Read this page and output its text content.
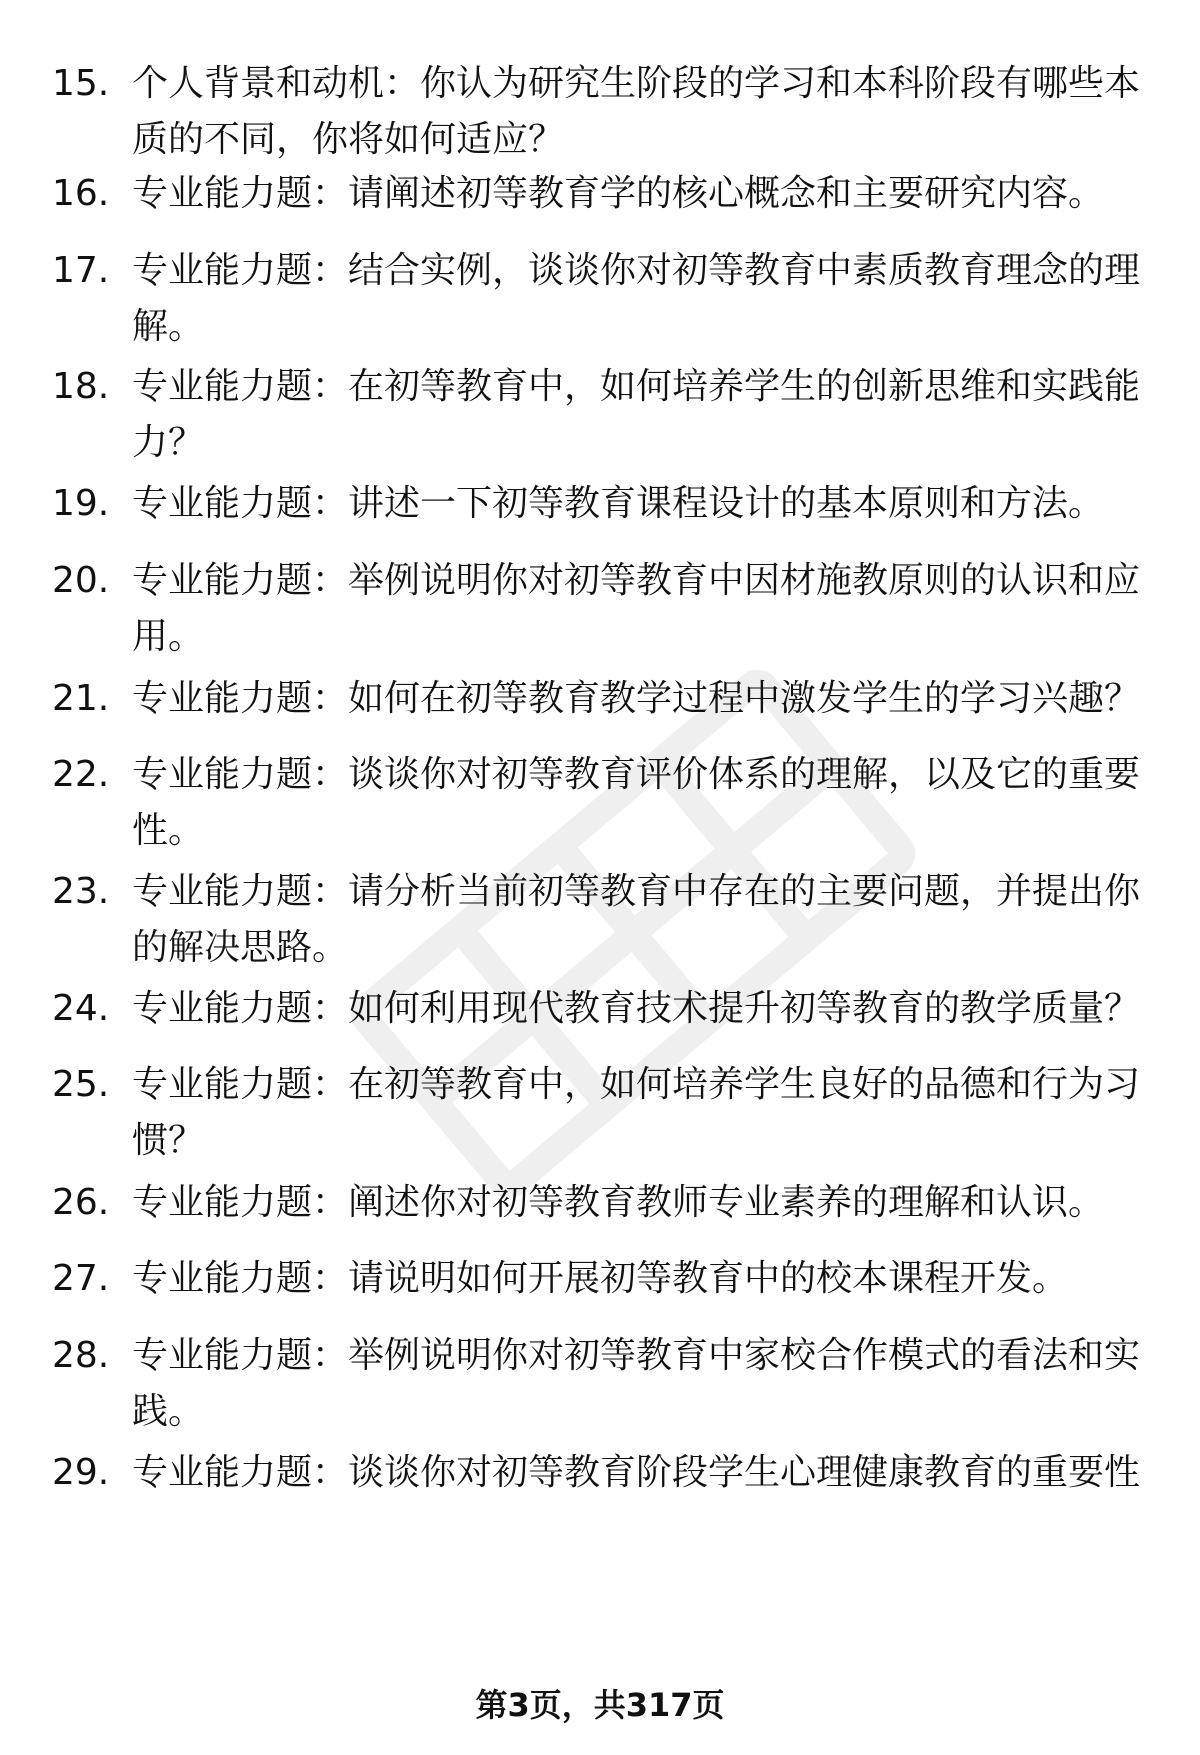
15. 个人背景和动机：你认为研究生阶段的学习和本科阶段有哪些本质的不同，你将如何适应？
16. 专业能力题：请阐述初等教育学的核心概念和主要研究内容。
17. 专业能力题：结合实例，谈谈你对初等教育中素质教育理念的理解。
18. 专业能力题：在初等教育中，如何培养学生的创新思维和实践能力？
19. 专业能力题：讲述一下初等教育课程设计的基本原则和方法。
20. 专业能力题：举例说明你对初等教育中因材施教原则的认识和应用。
21. 专业能力题：如何在初等教育教学过程中激发学生的学习兴趣？
22. 专业能力题：谈谈你对初等教育评价体系的理解，以及它的重要性。
23. 专业能力题：请分析当前初等教育中存在的主要问题，并提出你的解决思路。
24. 专业能力题：如何利用现代教育技术提升初等教育的教学质量？
25. 专业能力题：在初等教育中，如何培养学生良好的品德和行为习惯？
26. 专业能力题：阐述你对初等教育教师专业素养的理解和认识。
27. 专业能力题：请说明如何开展初等教育中的校本课程开发。
28. 专业能力题：举例说明你对初等教育中家校合作模式的看法和实践。
29. 专业能力题：谈谈你对初等教育阶段学生心理健康教育的重要性
第3页，共317页
